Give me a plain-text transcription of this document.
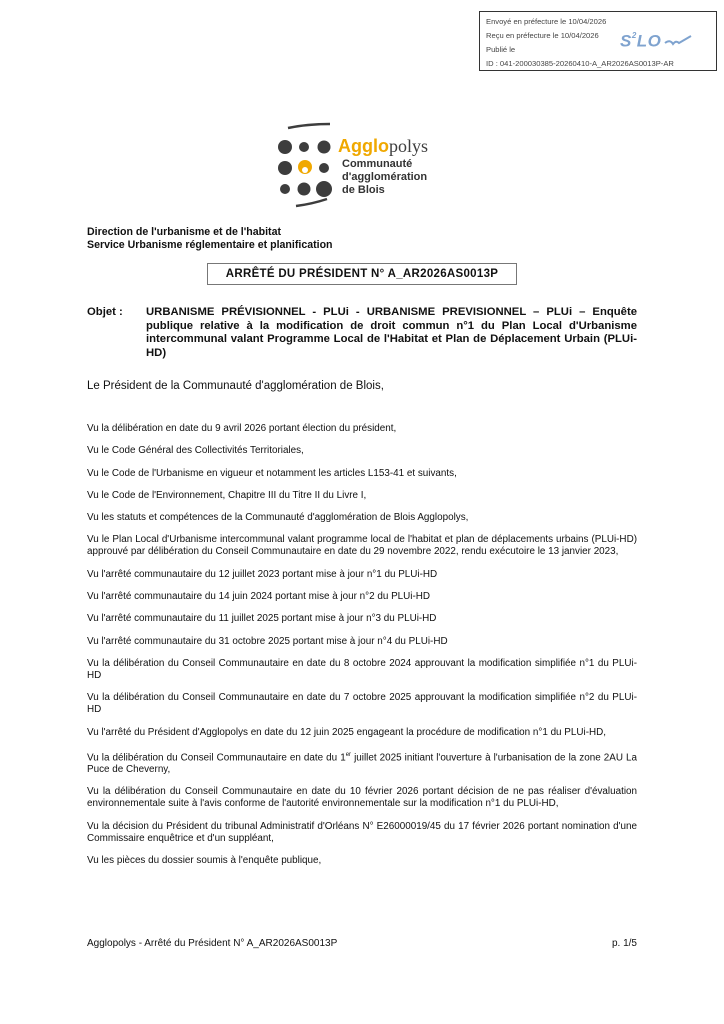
Envoyé en préfecture le 10/04/2026
Reçu en préfecture le 10/04/2026
Publié le
ID : 041-200030385-20260410-A_AR2026AS0013P-AR
$S^2LO$
Agglopolys
Communauté
d'agglomération
de Blois
Direction de l'urbanisme et de l'habitat
Service Urbanisme réglementaire et planification
ARRÊTÉ DU PRÉSIDENT N° A_AR2026AS0013P
Objet : URBANISME PRÉVISIONNEL - PLUi - URBANISME PREVISIONNEL – PLUi – Enquête publique relative à la modification de droit commun n°1 du Plan Local d'Urbanisme intercommunal valant Programme Local de l'Habitat et Plan de Déplacement Urbain (PLUi-HD)
Le Président de la Communauté d'agglomération de Blois,

Vu la délibération en date du 9 avril 2026 portant élection du président,

Vu le Code Général des Collectivités Territoriales,

Vu le Code de l'Urbanisme en vigueur et notamment les articles L153-41 et suivants,

Vu le Code de l'Environnement, Chapitre III du Titre II du Livre I,

Vu les statuts et compétences de la Communauté d'agglomération de Blois Agglopolys,

Vu le Plan Local d'Urbanisme intercommunal valant programme local de l'habitat et plan de déplacements urbains (PLUi-HD) approuvé par délibération du Conseil Communautaire en date du 29 novembre 2022, rendu exécutoire le 13 janvier 2023,

Vu l'arrêté communautaire du 12 juillet 2023 portant mise à jour n°1 du PLUi-HD

Vu l'arrêté communautaire du 14 juin 2024 portant mise à jour n°2 du PLUi-HD

Vu l'arrêté communautaire du 11 juillet 2025 portant mise à jour n°3 du PLUi-HD

Vu l'arrêté communautaire du 31 octobre 2025 portant mise à jour n°4 du PLUi-HD

Vu la délibération du Conseil Communautaire en date du 8 octobre 2024 approuvant la modification simplifiée n°1 du PLUi-HD

Vu la délibération du Conseil Communautaire en date du 7 octobre 2025 approuvant la modification simplifiée n°2 du PLUi-HD

Vu l'arrêté du Président d'Agglopolys en date du 12 juin 2025 engageant la procédure de modification n°1 du PLUi-HD,

Vu la délibération du Conseil Communautaire en date du 1er juillet 2025 initiant l'ouverture à l'urbanisation de la zone 2AU La Puce de Cheverny,

Vu la délibération du Conseil Communautaire en date du 10 février 2026 portant décision de ne pas réaliser d'évaluation environnementale suite à l'avis conforme de l'autorité environnementale sur la modification n°1 du PLUi-HD,

Vu la décision du Président du tribunal Administratif d'Orléans N° E26000019/45 du 17 février 2026 portant nomination d'une Commissaire enquêtrice et d'un suppléant,

Vu les pièces du dossier soumis à l'enquête publique,

Agglopolys - Arrêté du Président N° A_AR2026AS0013P	p. 1/5
